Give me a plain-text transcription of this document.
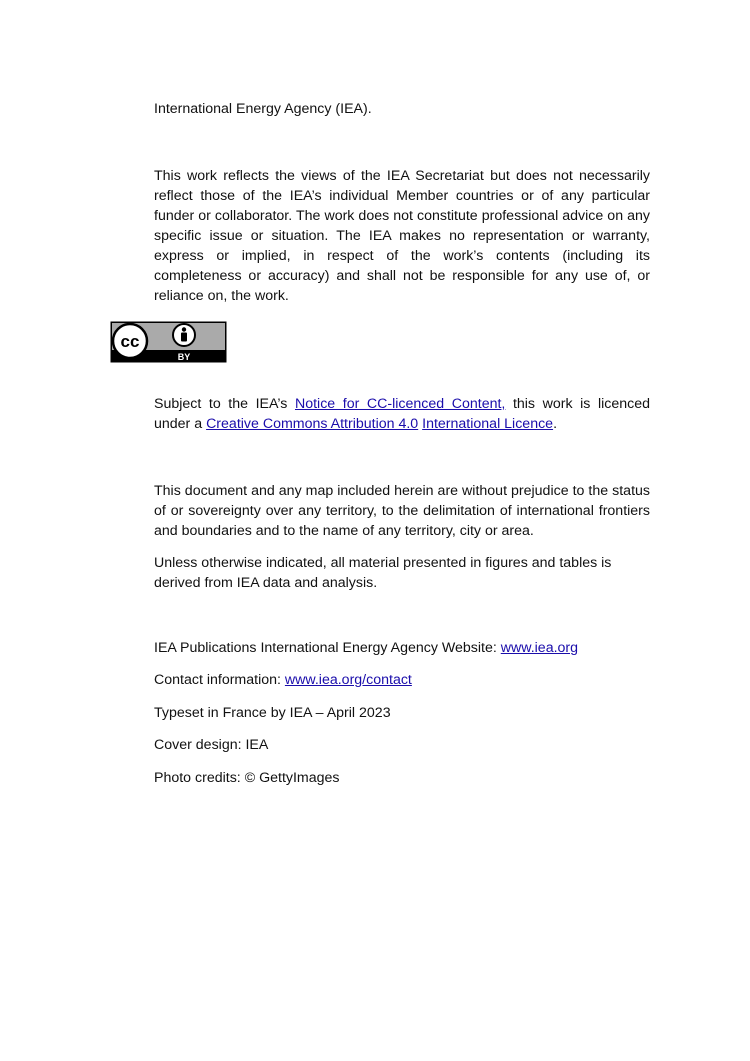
International Energy Agency (IEA).
This work reflects the views of the IEA Secretariat but does not necessarily reflect those of the IEA’s individual Member countries or of any particular funder or collaborator. The work does not constitute professional advice on any specific issue or situation. The IEA makes no representation or warranty, express or implied, in respect of the work’s contents (including its completeness or accuracy) and shall not be responsible for any use of, or reliance on, the work.
cc
BY
Subject to the IEA’s Notice for CC-licenced Content, this work is licenced under a Creative Commons Attribution 4.0 International Licence.
This document and any map included herein are without prejudice to the status of or sovereignty over any territory, to the delimitation of international frontiers and boundaries and to the name of any territory, city or area.
Unless otherwise indicated, all material presented in figures and tables is derived from IEA data and analysis.
IEA Publications International Energy Agency Website: www.iea.org
Contact information: www.iea.org/contact
Typeset in France by IEA – April 2023
Cover design: IEA
Photo credits: © GettyImages
